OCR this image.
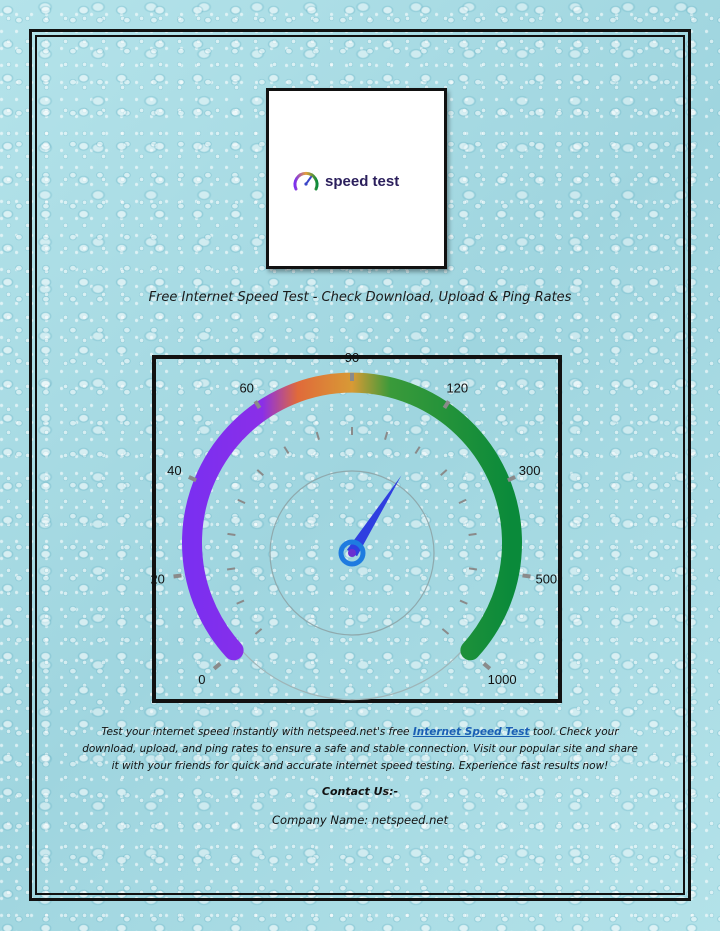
speed test
Free Internet Speed Test - Check Download, Upload & Ping Rates
0
20
40
60
90
120
300
500
1000
Test your internet speed instantly with netspeed.net's free Internet Speed Test tool. Check your download, upload, and ping rates to ensure a safe and stable connection. Visit our popular site and share it with your friends for quick and accurate internet speed testing. Experience fast results now!
Contact Us:-
Company Name: netspeed.net
